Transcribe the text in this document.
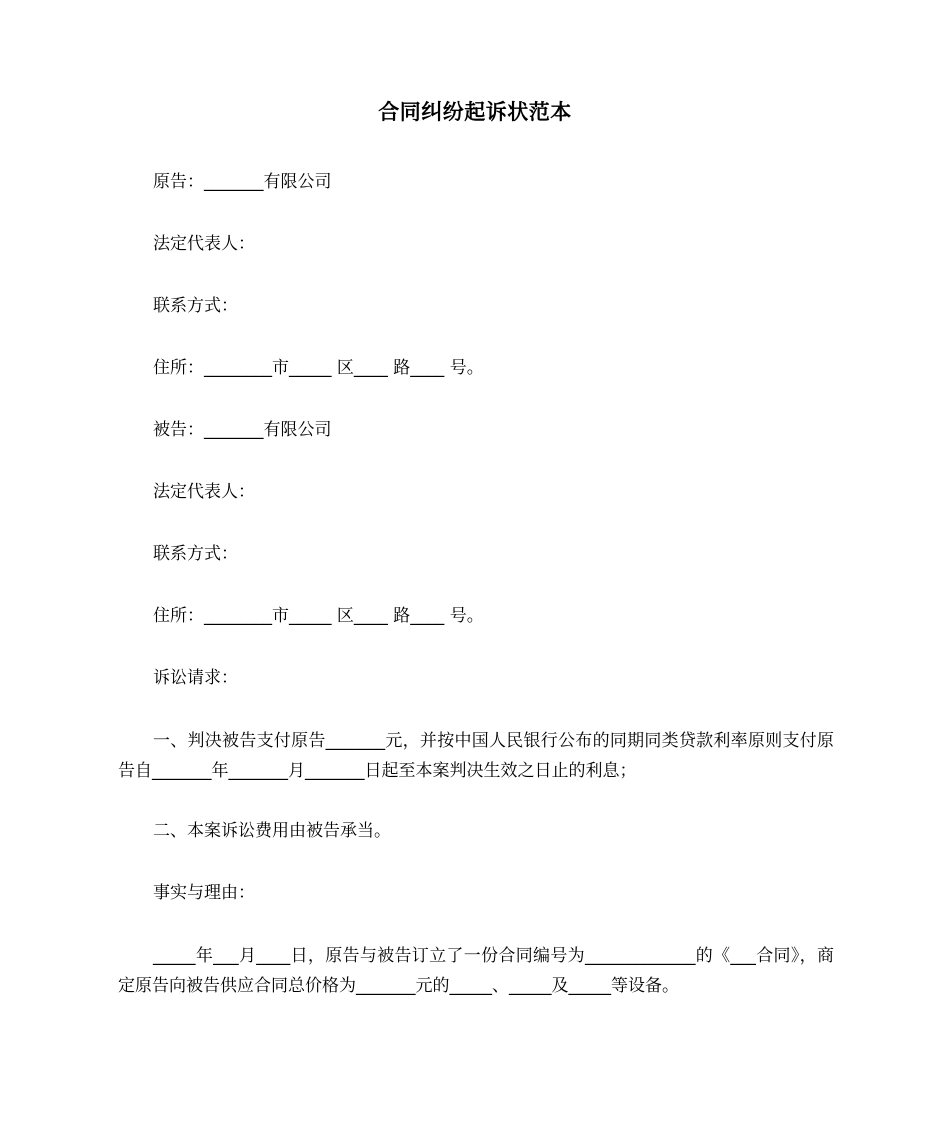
合同纠纷起诉状范本
原告：_______有限公司
法定代表人：
联系方式：
住所：________市_____ 区____ 路____ 号。
被告：_______有限公司
法定代表人：
联系方式：
住所：________市_____ 区____ 路____ 号。
诉讼请求：
一、判决被告支付原告_______元，并按中国人民银行公布的同期同类贷款利率原则支付原告自_______年_______月_______日起至本案判决生效之日止的利息；
二、本案诉讼费用由被告承当。
事实与理由：
_____年___月____日，原告与被告订立了一份合同编号为_____________的《___合同》，商定原告向被告供应合同总价格为_______元的_____、_____及_____等设备。
